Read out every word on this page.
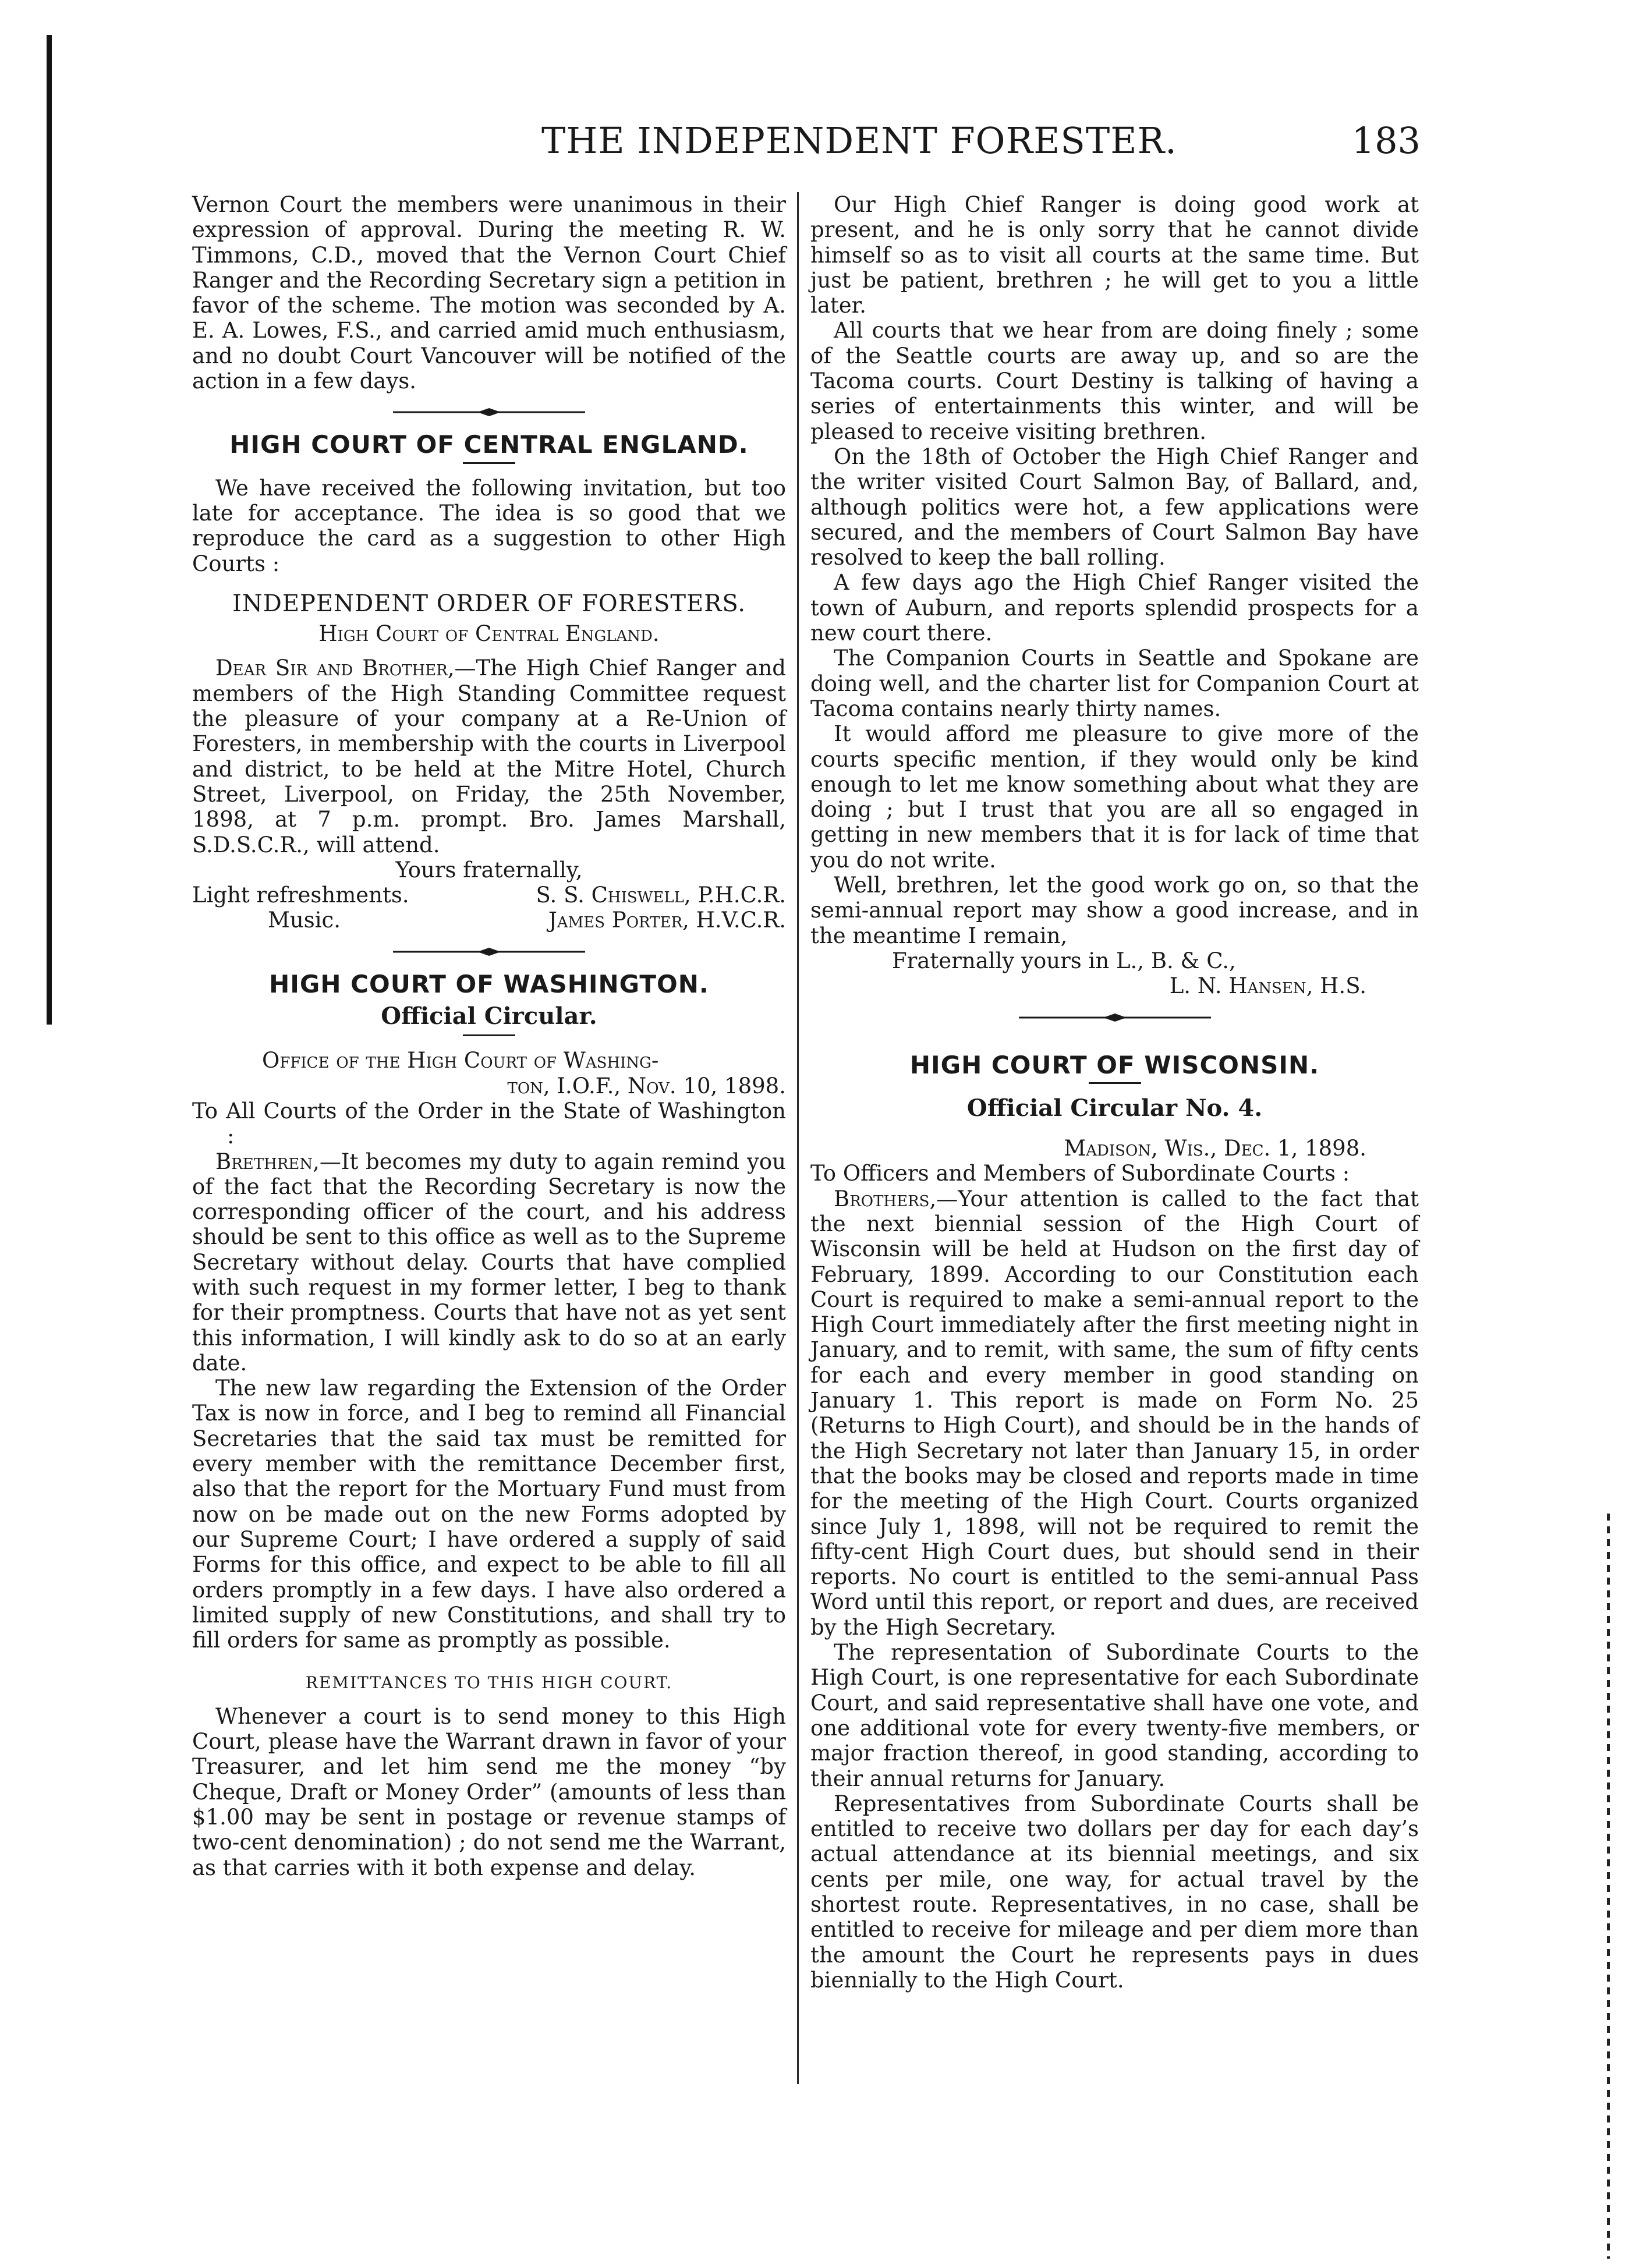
THE INDEPENDENT FORESTER.	183

Vernon Court the members were unanimous in their expression of approval. During the meeting R. W. Timmons, C.D., moved that the Vernon Court Chief Ranger and the Recording Secretary sign a petition in favor of the scheme. The motion was seconded by A. E. A. Lowes, F.S., and carried amid much enthusiasm, and no doubt Court Vancouver will be notified of the action in a few days.

HIGH COURT OF CENTRAL ENGLAND.

We have received the following invitation, but too late for acceptance. The idea is so good that we reproduce the card as a suggestion to other High Courts :

INDEPENDENT ORDER OF FORESTERS.

High Court of Central England.

Dear Sir and Brother,—The High Chief Ranger and members of the High Standing Committee request the pleasure of your company at a Re-Union of Foresters, in membership with the courts in Liverpool and district, to be held at the Mitre Hotel, Church Street, Liverpool, on Friday, the 25th November, 1898, at 7 p.m. prompt. Bro. James Marshall, S.D.S.C.R., will attend.

Yours fraternally,

Light refreshments.	S. S. Chiswell, P.H.C.R.
Music.	James Porter, H.V.C.R.
HIGH COURT OF WASHINGTON.
Official Circular.

Office of the High Court of Washing-

ton, I.O.F., Nov. 10, 1898.

To All Courts of the Order in the State of Washington :

Brethren,—It becomes my duty to again remind you of the fact that the Recording Secretary is now the corresponding officer of the court, and his address should be sent to this office as well as to the Supreme Secretary without delay. Courts that have complied with such request in my former letter, I beg to thank for their promptness. Courts that have not as yet sent this information, I will kindly ask to do so at an early date.

The new law regarding the Extension of the Order Tax is now in force, and I beg to remind all Financial Secretaries that the said tax must be remitted for every member with the remittance December first, also that the report for the Mortuary Fund must from now on be made out on the new Forms adopted by our Supreme Court; I have ordered a supply of said Forms for this office, and expect to be able to fill all orders promptly in a few days. I have also ordered a limited supply of new Constitutions, and shall try to fill orders for same as promptly as possible.

REMITTANCES TO THIS HIGH COURT.

Whenever a court is to send money to this High Court, please have the Warrant drawn in favor of your Treasurer, and let him send me the money “by Cheque, Draft or Money Order” (amounts of less than $1.00 may be sent in postage or revenue stamps of two-cent denomination) ; do not send me the Warrant, as that carries with it both expense and delay.

Our High Chief Ranger is doing good work at present, and he is only sorry that he cannot divide himself so as to visit all courts at the same time. But just be patient, brethren ; he will get to you a little later.

All courts that we hear from are doing finely ; some of the Seattle courts are away up, and so are the Tacoma courts. Court Destiny is talking of having a series of entertainments this winter, and will be pleased to receive visiting brethren.

On the 18th of October the High Chief Ranger and the writer visited Court Salmon Bay, of Ballard, and, although politics were hot, a few applications were secured, and the members of Court Salmon Bay have resolved to keep the ball rolling.

A few days ago the High Chief Ranger visited the town of Auburn, and reports splendid prospects for a new court there.

The Companion Courts in Seattle and Spokane are doing well, and the charter list for Companion Court at Tacoma contains nearly thirty names.

It would afford me pleasure to give more of the courts specific mention, if they would only be kind enough to let me know something about what they are doing ; but I trust that you are all so engaged in getting in new members that it is for lack of time that you do not write.

Well, brethren, let the good work go on, so that the semi-annual report may show a good increase, and in the meantime I remain,

Fraternally yours in L., B. & C.,

L. N. Hansen, H.S.

HIGH COURT OF WISCONSIN.
Official Circular No. 4.

Madison, Wis., Dec. 1, 1898.

To Officers and Members of Subordinate Courts :

Brothers,—Your attention is called to the fact that the next biennial session of the High Court of Wisconsin will be held at Hudson on the first day of February, 1899. According to our Constitution each Court is required to make a semi-annual report to the High Court immediately after the first meeting night in January, and to remit, with same, the sum of fifty cents for each and every member in good standing on January 1. This report is made on Form No. 25 (Returns to High Court), and should be in the hands of the High Secretary not later than January 15, in order that the books may be closed and reports made in time for the meeting of the High Court. Courts organized since July 1, 1898, will not be required to remit the fifty-cent High Court dues, but should send in their reports. No court is entitled to the semi-annual Pass Word until this report, or report and dues, are received by the High Secretary.

The representation of Subordinate Courts to the High Court, is one representative for each Subordinate Court, and said representative shall have one vote, and one additional vote for every twenty-five members, or major fraction thereof, in good standing, according to their annual returns for January.

Representatives from Subordinate Courts shall be entitled to receive two dollars per day for each day’s actual attendance at its biennial meetings, and six cents per mile, one way, for actual travel by the shortest route. Representatives, in no case, shall be entitled to receive for mileage and per diem more than the amount the Court he represents pays in dues biennially to the High Court.
